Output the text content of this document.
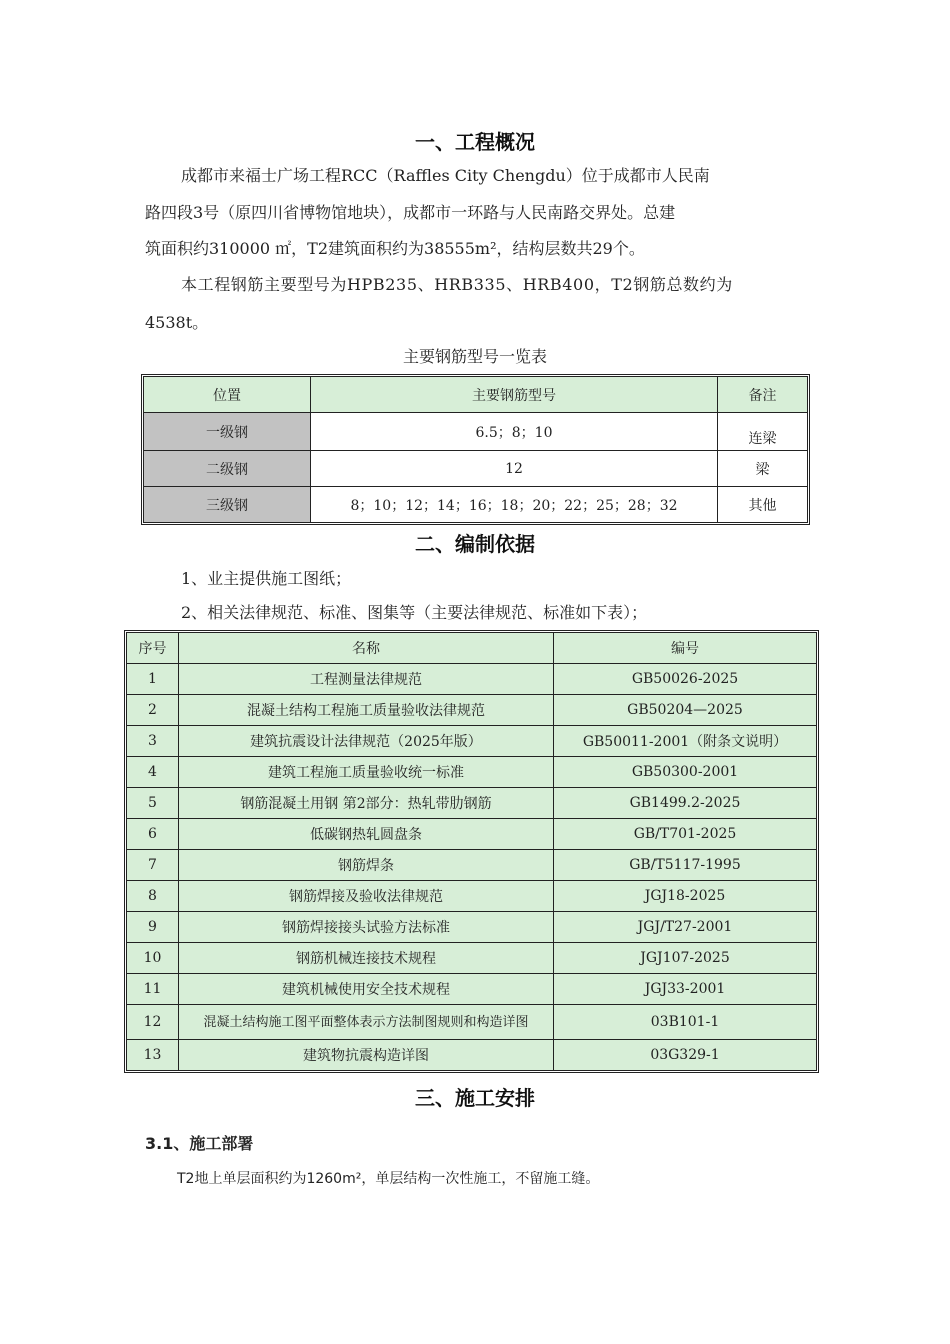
一、工程概况
成都市来福士广场工程RCC（Raffles City Chengdu）位于成都市人民南
路四段3号（原四川省博物馆地块），成都市一环路与人民南路交界处。总建
筑面积约310000 ㎡，T2建筑面积约为38555m²，结构层数共29个。
本工程钢筋主要型号为HPB235、HRB335、HRB400，T2钢筋总数约为
4538t。
主要钢筋型号一览表
位置	主要钢筋型号	备注
一级钢	6.5；8；10	连梁
二级钢	12	梁
三级钢	8；10；12；14；16；18；20；22；25；28；32	其他
二、编制依据
1、业主提供施工图纸；
2、相关法律规范、标准、图集等（主要法律规范、标准如下表）；
序号	名称	编号
1	工程测量法律规范	GB50026-2025
2	混凝土结构工程施工质量验收法律规范	GB50204—2025
3	建筑抗震设计法律规范（2025年版）	GB50011-2001（附条文说明）
4	建筑工程施工质量验收统一标准	GB50300-2001
5	钢筋混凝土用钢 第2部分：热轧带肋钢筋	GB1499.2-2025
6	低碳钢热轧圆盘条	GB/T701-2025
7	钢筋焊条	GB/T5117-1995
8	钢筋焊接及验收法律规范	JGJ18-2025
9	钢筋焊接接头试验方法标准	JGJ/T27-2001
10	钢筋机械连接技术规程	JGJ107-2025
11	建筑机械使用安全技术规程	JGJ33-2001
12	混凝土结构施工图平面整体表示方法制图规则和构造详图	03B101-1
13	建筑物抗震构造详图	03G329-1
三、施工安排
3.1、施工部署
T2地上单层面积约为1260m²，单层结构一次性施工，不留施工缝。
